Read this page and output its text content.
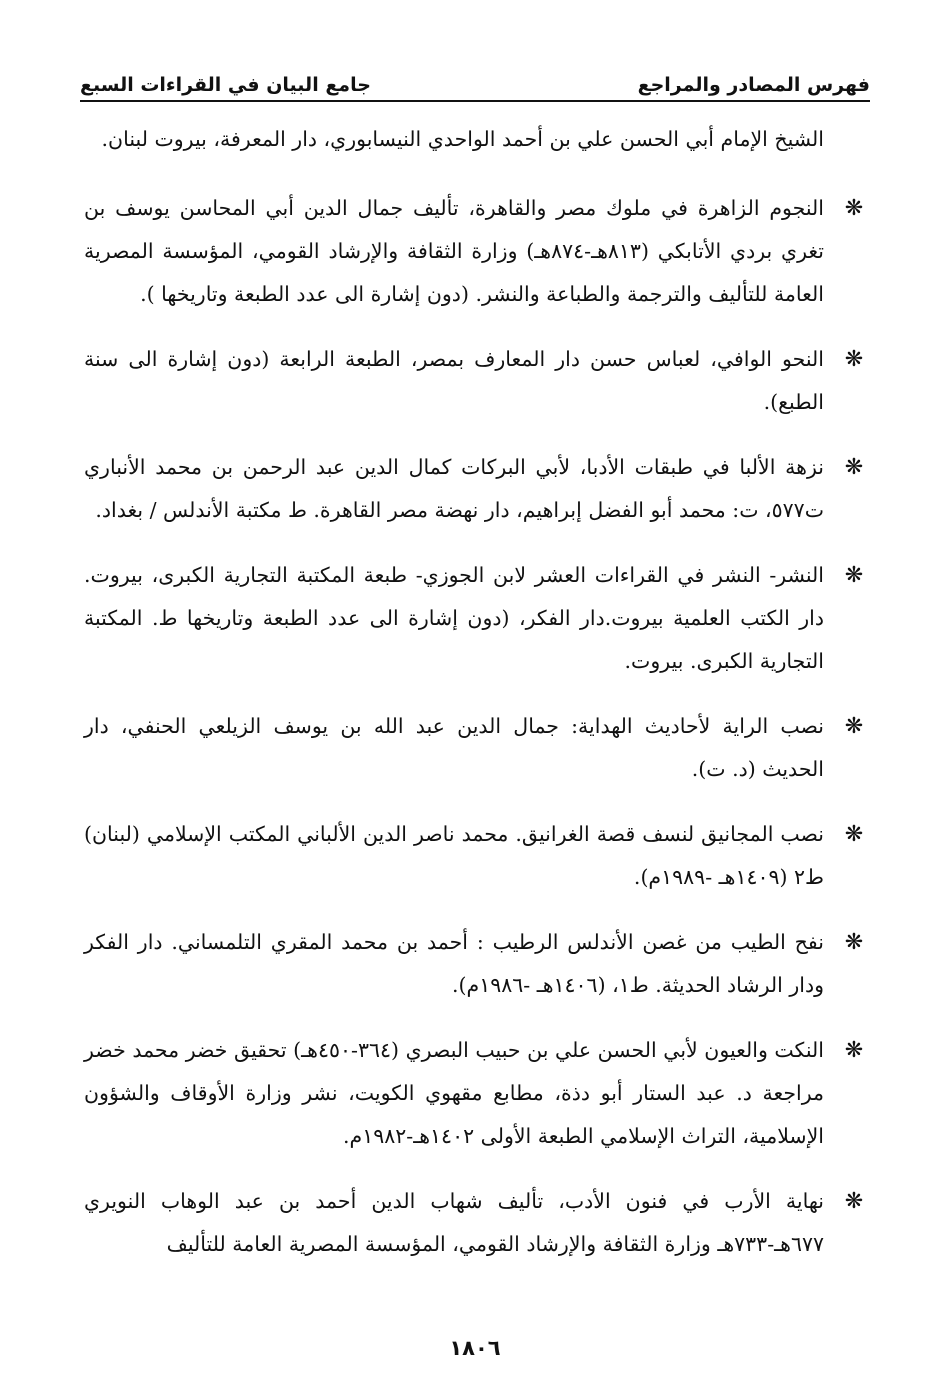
فهرس المصادر والمراجع
جامع البيان في القراءات السبع

الشيخ الإمام أبي الحسن علي بن أحمد الواحدي النيسابوري، دار المعرفة، بيروت لبنان.

❋
النجوم الزاهرة في ملوك مصر والقاهرة، تأليف جمال الدين أبي المحاسن يوسف بن تغري بردي الأتابكي (٨١٣هـ-٨٧٤هـ) وزارة الثقافة والإرشاد القومي، المؤسسة المصرية العامة للتأليف والترجمة والطباعة والنشر. (دون إشارة الى عدد الطبعة وتاريخها ).

❋
النحو الوافي، لعباس حسن دار المعارف بمصر، الطبعة الرابعة (دون إشارة الى سنة الطبع).

❋
نزهة الألبا في طبقات الأدبا، لأبي البركات كمال الدين عبد الرحمن بن محمد الأنباري ت٥٧٧، ت: محمد أبو الفضل إبراهيم، دار نهضة مصر القاهرة. ط مكتبة الأندلس / بغداد.

❋
النشر- النشر في القراءات العشر لابن الجوزي- طبعة المكتبة التجارية الكبرى، بيروت. دار الكتب العلمية بيروت.دار الفكر، (دون إشارة الى عدد الطبعة وتاريخها ط. المكتبة التجارية الكبرى. بيروت.

❋
نصب الراية لأحاديث الهداية: جمال الدين عبد الله بن يوسف الزيلعي الحنفي، دار الحديث (د. ت).

❋
نصب المجانيق لنسف قصة الغرانيق. محمد ناصر الدين الألباني المكتب الإسلامي (لبنان) ط٢ (١٤٠٩هـ -١٩٨٩م).

❋
نفح الطيب من غصن الأندلس الرطيب : أحمد بن محمد المقري التلمساني. دار الفكر ودار الرشاد الحديثة. ط١، (١٤٠٦هـ -١٩٨٦م).

❋
النكت والعيون لأبي الحسن علي بن حبيب البصري (٣٦٤-٤٥٠هـ) تحقيق خضر محمد خضر مراجعة د. عبد الستار أبو دذة، مطابع مقهوي الكويت، نشر وزارة الأوقاف والشؤون الإسلامية، التراث الإسلامي الطبعة الأولى ١٤٠٢هـ-١٩٨٢م.

❋
نهاية الأرب في فنون الأدب، تأليف شهاب الدين أحمد بن عبد الوهاب النويري ٦٧٧هـ-٧٣٣هـ وزارة الثقافة والإرشاد القومي، المؤسسة المصرية العامة للتأليف

١٨٠٦
